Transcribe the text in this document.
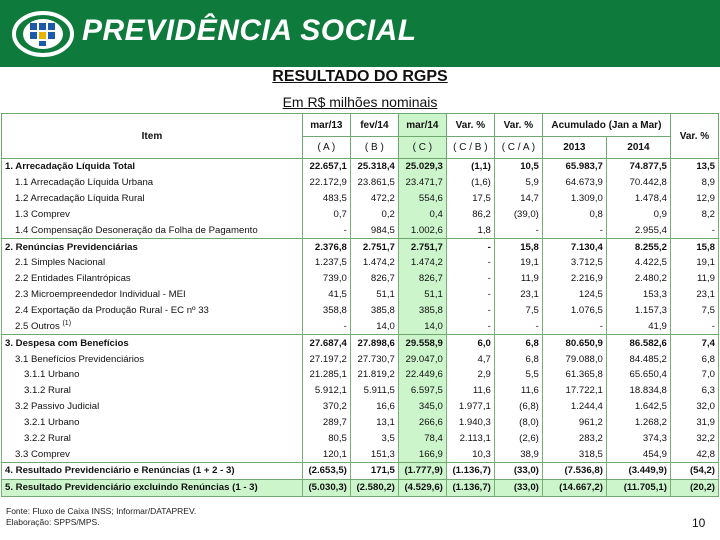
PREVIDÊNCIA SOCIAL
RESULTADO DO RGPS
Em R$ milhões nominais
Item	mar/13	fev/14	mar/14	Var. %	Var. %	Acumulado (Jan a Mar)		Var. %
	( A )	( B )	( C )	( C / B )	( C / A )	2013	2014	
1. Arrecadação Líquida Total	22.657,1	25.318,4	25.029,3	(1,1)	10,5	65.983,7	74.877,5	13,5
1.1 Arrecadação Líquida Urbana	22.172,9	23.861,5	23.471,7	(1,6)	5,9	64.673,9	70.442,8	8,9
1.2 Arrecadação Líquida Rural	483,5	472,2	554,6	17,5	14,7	1.309,0	1.478,4	12,9
1.3 Comprev	0,7	0,2	0,4	86,2	(39,0)	0,8	0,9	8,2
1.4 Compensação Desoneração da Folha de Pagamento	-	984,5	1.002,6	1,8	-	-	2.955,4	-
2. Renúncias Previdenciárias	2.376,8	2.751,7	2.751,7	-	15,8	7.130,4	8.255,2	15,8
2.1 Simples Nacional	1.237,5	1.474,2	1.474,2	-	19,1	3.712,5	4.422,5	19,1
2.2 Entidades Filantrópicas	739,0	826,7	826,7	-	11,9	2.216,9	2.480,2	11,9
2.3 Microempreendedor Individual - MEI	41,5	51,1	51,1	-	23,1	124,5	153,3	23,1
2.4 Exportação da Produção Rural - EC nº 33	358,8	385,8	385,8	-	7,5	1.076,5	1.157,3	7,5
2.5 Outros $^{(1)}$	-	14,0	14,0	-	-	-	41,9	-
3. Despesa com Benefícios	27.687,4	27.898,6	29.558,9	6,0	6,8	80.650,9	86.582,6	7,4
3.1 Benefícios Previdenciários	27.197,2	27.730,7	29.047,0	4,7	6,8	79.088,0	84.485,2	6,8
3.1.1 Urbano	21.285,1	21.819,2	22.449,6	2,9	5,5	61.365,8	65.650,4	7,0
3.1.2 Rural	5.912,1	5.911,5	6.597,5	11,6	11,6	17.722,1	18.834,8	6,3
3.2 Passivo Judicial	370,2	16,6	345,0	1.977,1	(6,8)	1.244,4	1.642,5	32,0
3.2.1 Urbano	289,7	13,1	266,6	1.940,3	(8,0)	961,2	1.268,2	31,9
3.2.2 Rural	80,5	3,5	78,4	2.113,1	(2,6)	283,2	374,3	32,2
3.3 Comprev	120,1	151,3	166,9	10,3	38,9	318,5	454,9	42,8
4. Resultado Previdenciário e Renúncias (1 + 2 - 3)	(2.653,5)	171,5	(1.777,9)	(1.136,7)	(33,0)	(7.536,8)	(3.449,9)	(54,2)
5. Resultado Previdenciário excluindo Renúncias (1 - 3)	(5.030,3)	(2.580,2)	(4.529,6)	(1.136,7)	(33,0)	(14.667,2)	(11.705,1)	(20,2)
Fonte: Fluxo de Caixa INSS; Informar/DATAPREV.
Elaboração: SPPS/MPS.	10
